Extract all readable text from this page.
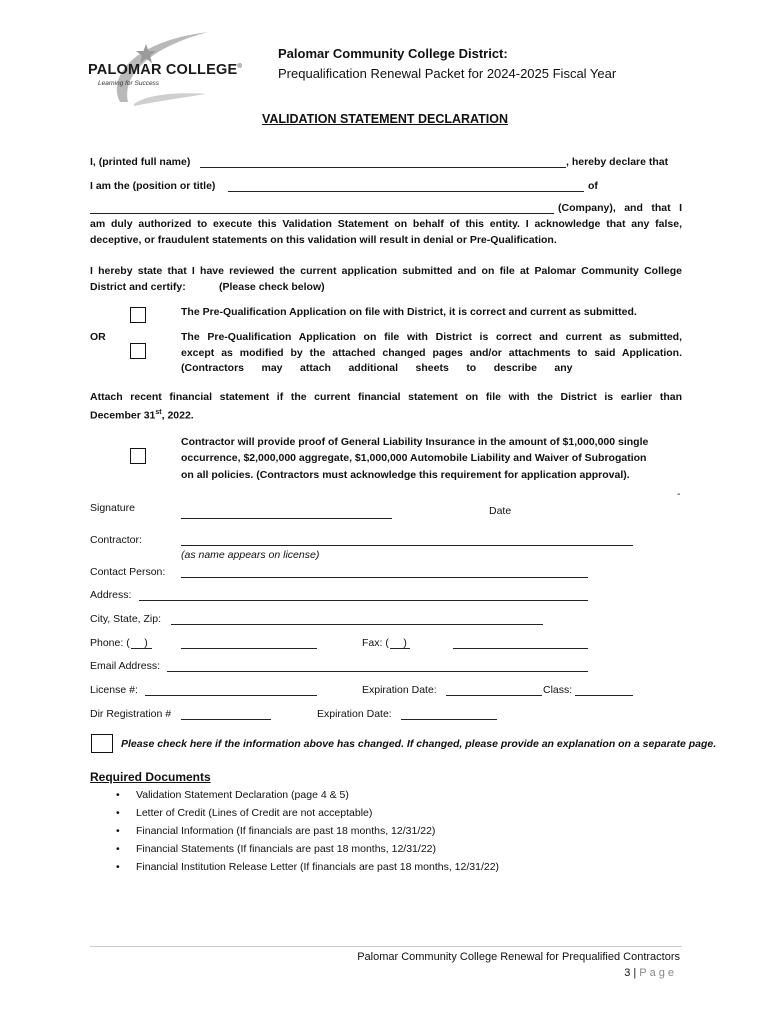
PALOMAR COLLEGE®
Learning for Success
Palomar Community College District:
Prequalification Renewal Packet for 2024-2025 Fiscal Year
VALIDATION STATEMENT DECLARATION
I, (printed full name)	, hereby declare that
I am the (position or title)	of
(Company), and that I
am duly authorized to execute this Validation Statement on behalf of this entity. I acknowledge that any false,
deceptive, or fraudulent statements on this validation will result in denial or Pre-Qualification.
I hereby state that I have reviewed the current application submitted and on file at Palomar Community College
District and certify:	(Please check below)
The Pre-Qualification Application on file with District, it is correct and current as submitted.
OR	The Pre-Qualification Application on file with District is correct and current as submitted,
except as modified by the attached changed pages and/or attachments to said Application.
(Contractors      may      attach      additional      sheets      to      describe      any
Attach recent financial statement if the current financial statement on file with the District is earlier than
December 31st, 2022.
Contractor will provide proof of General Liability Insurance in the amount of $1,000,000 single
occurrence, $2,000,000 aggregate, $1,000,000 Automobile Liability and Waiver of Subrogation
on all policies. (Contractors must acknowledge this requirement for application approval).
-
Signature	Date
Contractor:
(as name appears on license)
Contact Person:
Address:
City, State, Zip:
Phone: (     )	Fax: (     )
Email Address:
License #:	Expiration Date:	Class:
Dir Registration #	Expiration Date:
Please check here if the information above has changed. If changed, please provide an explanation on a separate page.
Required Documents
• Validation Statement Declaration (page 4 & 5)
• Letter of Credit (Lines of Credit are not acceptable)
• Financial Information (If financials are past 18 months, 12/31/22)
• Financial Statements (If financials are past 18 months, 12/31/22)
• Financial Institution Release Letter (If financials are past 18 months, 12/31/22)
Palomar Community College Renewal for Prequalified Contractors
3 | Page
